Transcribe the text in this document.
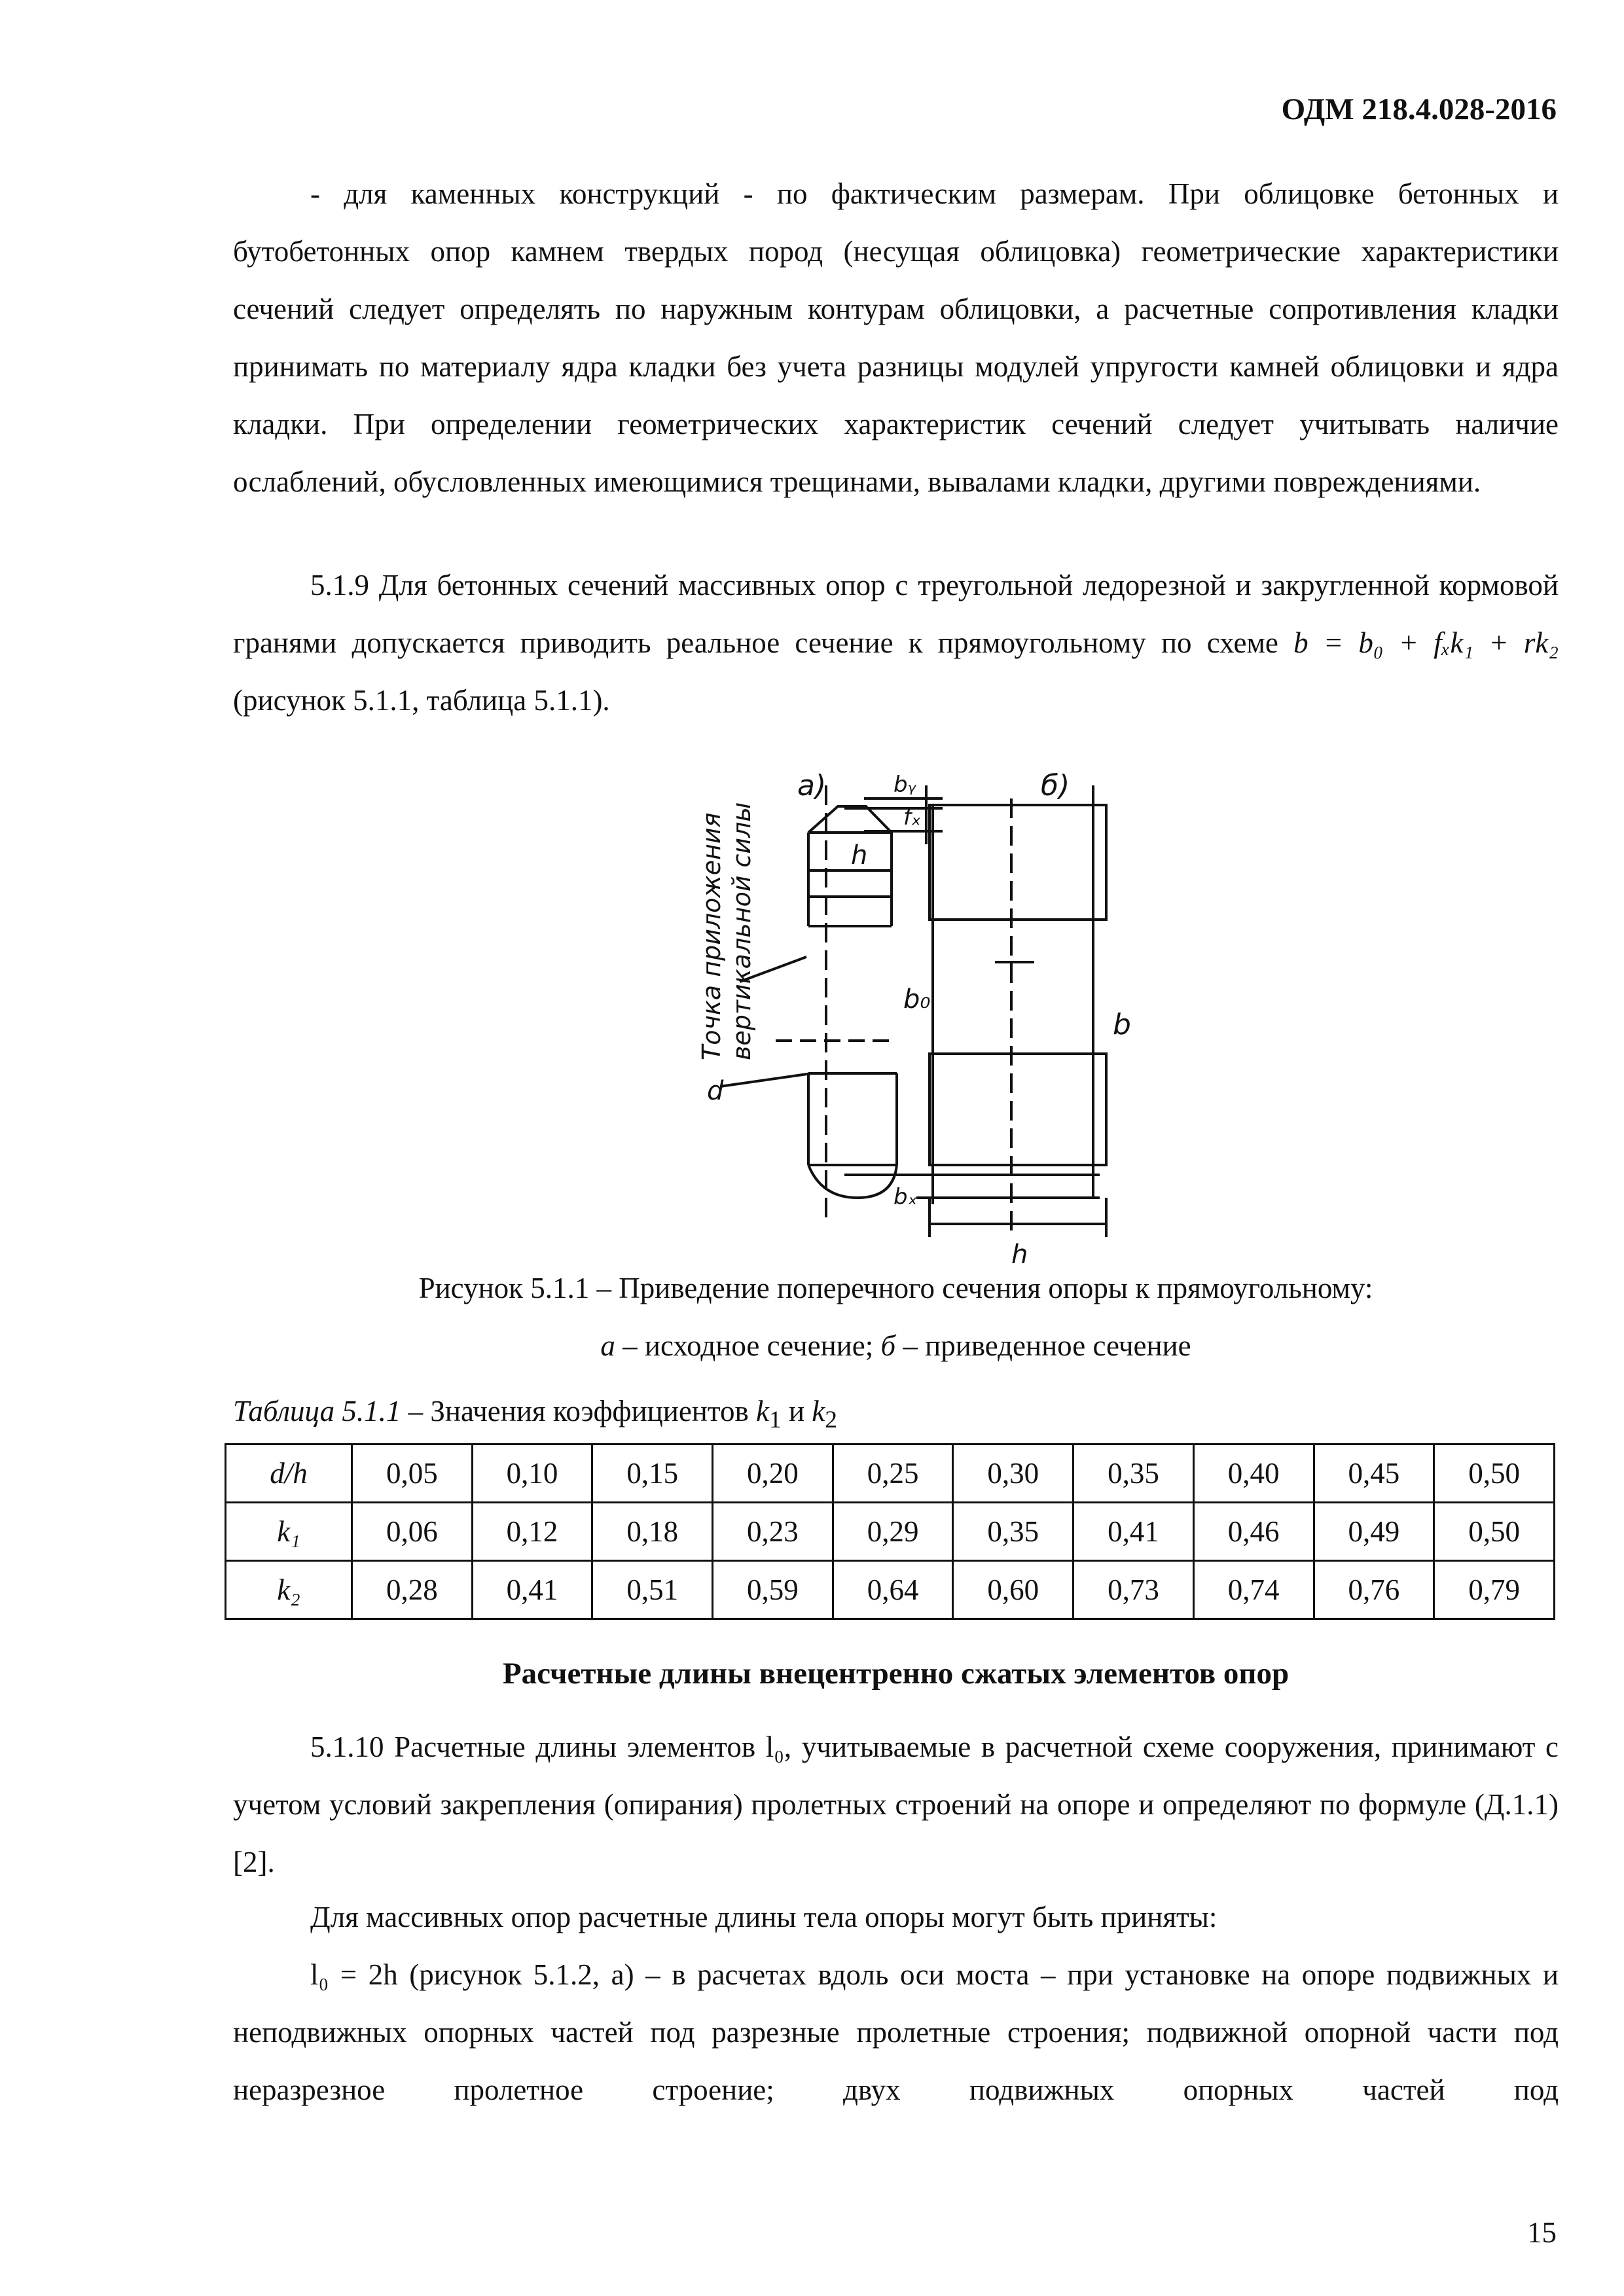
ОДМ 218.4.028-2016
- для каменных конструкций - по фактическим размерам. При облицовке бетонных и бутобетонных опор камнем твердых пород (несущая облицовка) геометрические характеристики сечений следует определять по наружным контурам облицовки, а расчетные сопротивления кладки принимать по материалу ядра кладки без учета разницы модулей упругости камней облицовки и ядра кладки. При определении геометрических характеристик сечений следует учитывать наличие ослаблений, обусловленных имеющимися трещинами, вывалами кладки, другими повреждениями.
5.1.9 Для бетонных сечений массивных опор с треугольной ледорезной и закругленной кормовой гранями допускается приводить реальное сечение к прямоугольному по схеме b = b₀ + fₓk₁ + rk₂ (рисунок 5.1.1, таблица 5.1.1).
а)	б)
h
fₓ
d
b₀
b
bᵧ
bₓ
h
Точка приложения вертикальной силы
Рисунок 5.1.1 – Приведение поперечного сечения опоры к прямоугольному:
а – исходное сечение; б – приведенное сечение
Таблица 5.1.1 – Значения коэффициентов $k_1$ и $k_2$
d/h	0,05	0,10	0,15	0,20	0,25	0,30	0,35	0,40	0,45	0,50
k₁	0,06	0,12	0,18	0,23	0,29	0,35	0,41	0,46	0,49	0,50
k₂	0,28	0,41	0,51	0,59	0,64	0,60	0,73	0,74	0,76	0,79
Расчетные длины внецентренно сжатых элементов опор
5.1.10 Расчетные длины элементов l₀, учитываемые в расчетной схеме сооружения, принимают с учетом условий закрепления (опирания) пролетных строений на опоре и определяют по формуле (Д.1.1) [2].
Для массивных опор расчетные длины тела опоры могут быть приняты:
l₀ = 2h (рисунок 5.1.2, а) – в расчетах вдоль оси моста – при установке на опоре подвижных и неподвижных опорных частей под разрезные пролетные строения; подвижной опорной части под неразрезное пролетное строение; двух подвижных опорных частей под
15
